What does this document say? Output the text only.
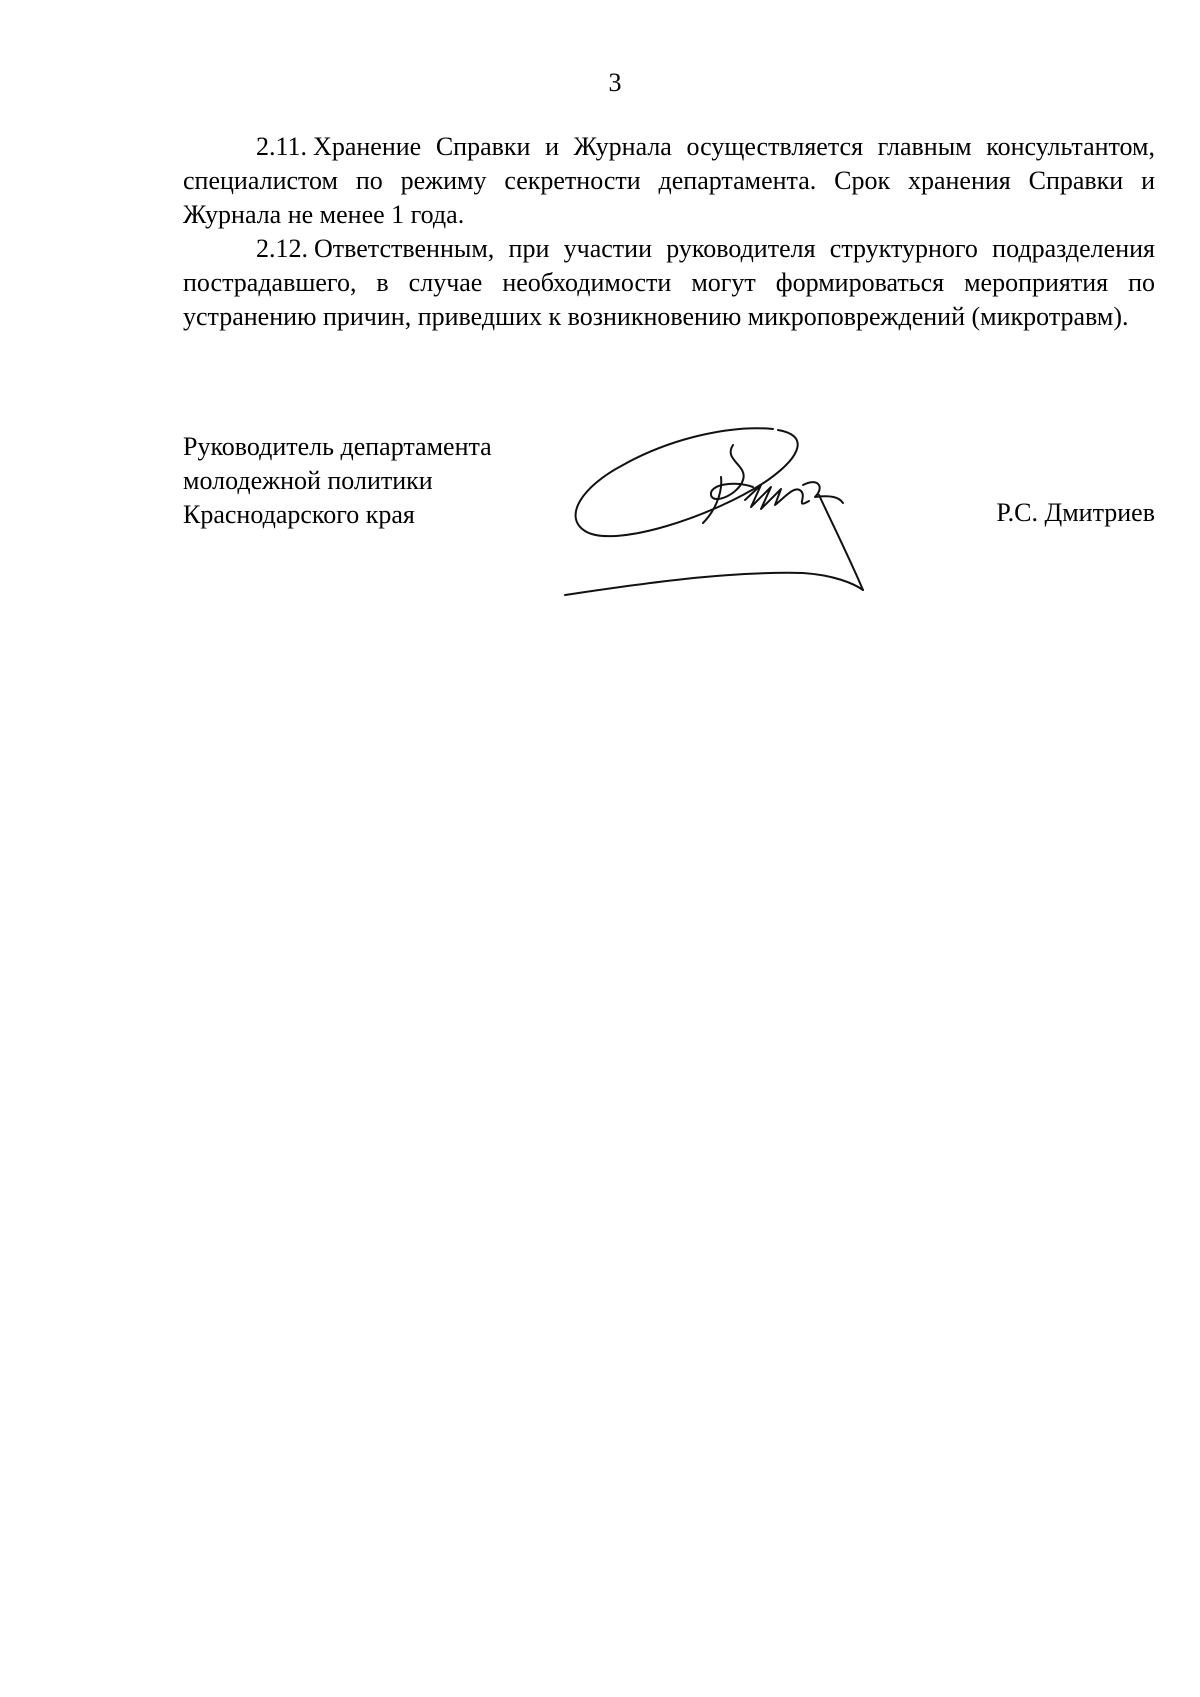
3

2.11. Хранение Справки и Журнала осуществляется главным консультантом, специалистом по режиму секретности департамента. Срок хранения Справки и Журнала не менее 1 года.

2.12. Ответственным, при участии руководителя структурного подразделения пострадавшего, в случае необходимости могут формироваться мероприятия по устранению причин, приведших к возникновению микроповреждений (микротравм).

Руководитель департамента
молодежной политики
Краснодарского края	Р.С. Дмитриев
